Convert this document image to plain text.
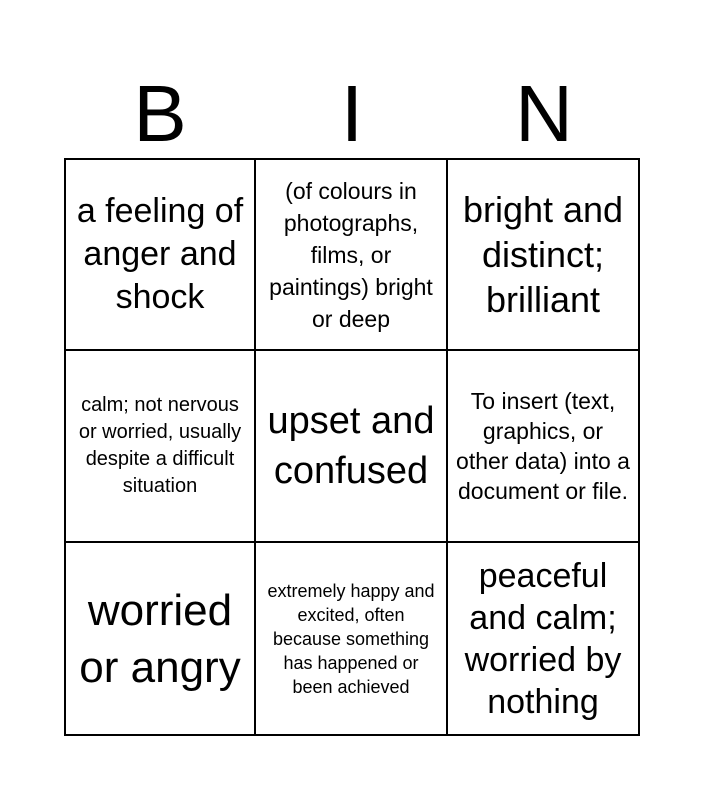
B	I	N
a feeling of anger and shock
(of colours in photographs, films, or paintings) bright or deep
bright and distinct; brilliant
calm; not nervous or worried, usually despite a difficult situation
upset and confused
To insert (text, graphics, or other data) into a document or file.
worried or angry
extremely happy and excited, often because something has happened or been achieved
peaceful and calm; worried by nothing
